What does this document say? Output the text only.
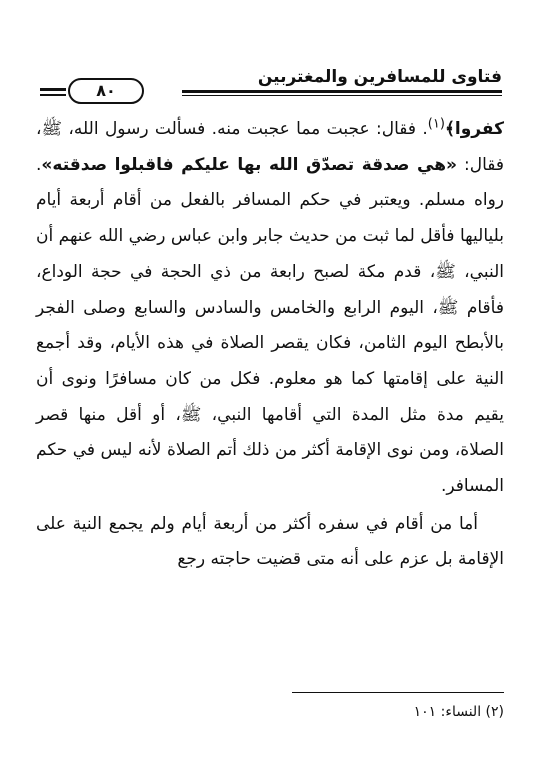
فتاوى للمسافرين والمغتربين
٨٠

كفروا﴾$^{(١)}$. فقال: عجبت مما عجبت منه. فسألت رسول الله، ﷺ، فقال: «هي صدقة تصدّق الله بها عليكم فاقبلوا صدقته». رواه مسلم. ويعتبر في حكم المسافر بالفعل من أقام أربعة أيام بلياليها فأقل لما ثبت من حديث جابر وابن عباس رضي الله عنهم أن النبي، ﷺ، قدم مكة لصبح رابعة من ذي الحجة في حجة الوداع، فأقام ﷺ، اليوم الرابع والخامس والسادس والسابع وصلى الفجر بالأبطح اليوم الثامن، فكان يقصر الصلاة في هذه الأيام، وقد أجمع النية على إقامتها كما هو معلوم. فكل من كان مسافرًا ونوى أن يقيم مدة مثل المدة التي أقامها النبي، ﷺ، أو أقل منها قصر الصلاة، ومن نوى الإقامة أكثر من ذلك أتم الصلاة لأنه ليس في حكم المسافر.

أما من أقام في سفره أكثر من أربعة أيام ولم يجمع النية على الإقامة بل عزم على أنه متى قضيت حاجته رجع

(٢) النساء: ١٠١
